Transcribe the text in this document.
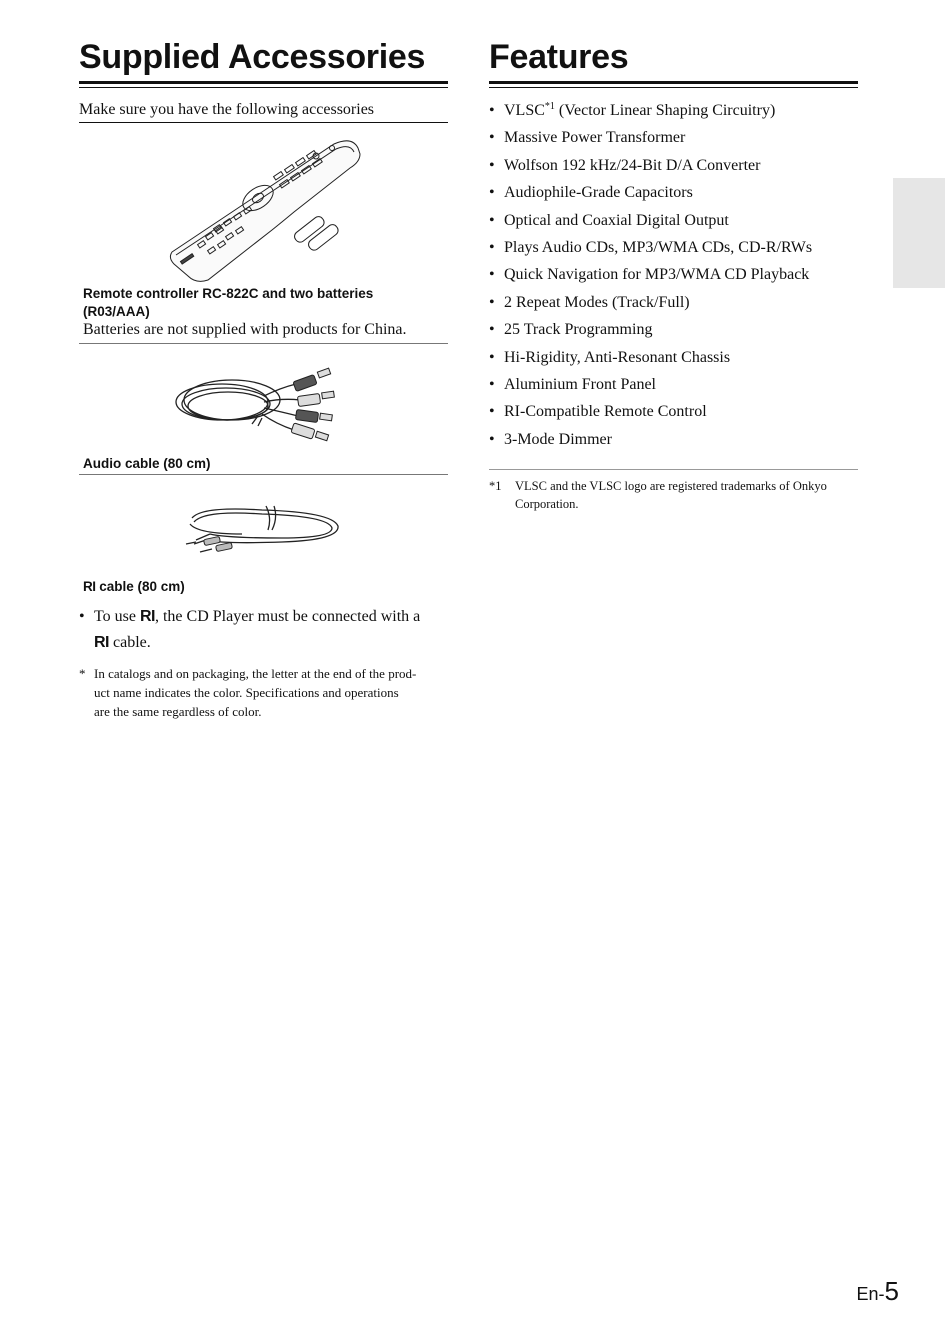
Supplied Accessories

Make sure you have the following accessories

Remote controller RC-822C and two batteries
(R03/AAA)

Batteries are not supplied with products for China.

Audio cable (80 cm)

RI cable (80 cm)

• To use RI, the CD Player must be connected with a
RI cable.

* In catalogs and on packaging, the letter at the end of the prod-
uct name indicates the color. Specifications and operations
are the same regardless of color.
Features
• VLSC$^{*1}$ (Vector Linear Shaping Circuitry)
• Massive Power Transformer
• Wolfson 192 kHz/24-Bit D/A Converter
• Audiophile-Grade Capacitors
• Optical and Coaxial Digital Output
• Plays Audio CDs, MP3/WMA CDs, CD-R/RWs
• Quick Navigation for MP3/WMA CD Playback
• 2 Repeat Modes (Track/Full)
• 25 Track Programming
• Hi-Rigidity, Anti-Resonant Chassis
• Aluminium Front Panel
• RI-Compatible Remote Control
• 3-Mode Dimmer
*1 VLSC and the VLSC logo are registered trademarks of Onkyo
Corporation.
En-5
